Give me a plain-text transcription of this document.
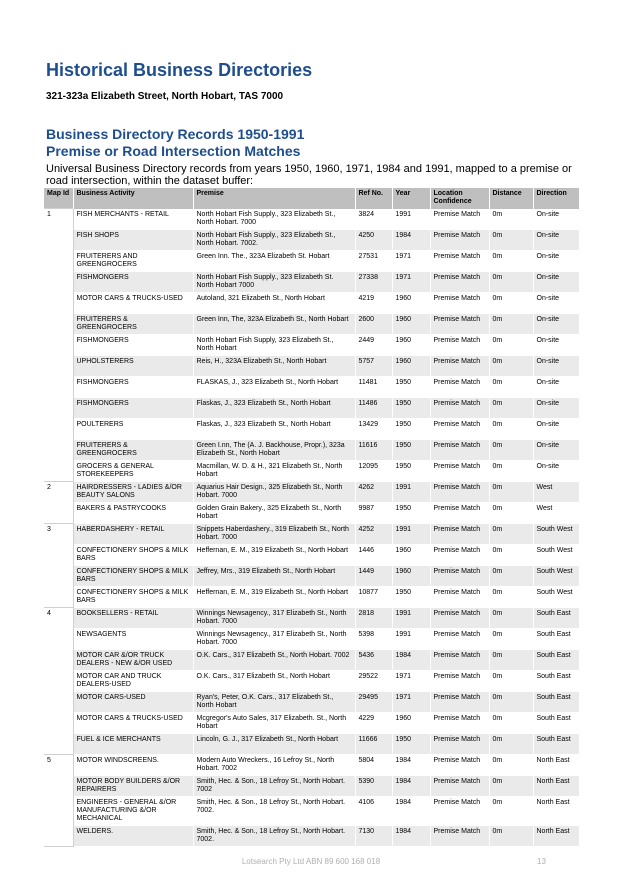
Historical Business Directories

321-323a Elizabeth Street, North Hobart, TAS 7000

Business Directory Records 1950-1991
Premise or Road Intersection Matches

Universal Business Directory records from years 1950, 1960, 1971, 1984 and 1991, mapped to a premise or road intersection, within the dataset buffer:

Map Id	Business Activity	Premise	Ref No.	Year	Location Confidence	Distance	Direction
1	FISH MERCHANTS - RETAIL	North Hobart Fish Supply., 323 Elizabeth St., North Hobart. 7000	3824	1991	Premise Match	0m	On-site
	FISH SHOPS	North Hobart Fish Supply., 323 Elizabeth St., North Hobart. 7002.	4250	1984	Premise Match	0m	On-site
	FRUITERERS AND GREENGROCERS	Green Inn. The., 323A Elizabeth St. Hobart	27531	1971	Premise Match	0m	On-site
	FISHMONGERS	North Hobart Fish Supply., 323 Elizabeth St. North Hobart 7000	27338	1971	Premise Match	0m	On-site
	MOTOR CARS & TRUCKS-USED	Autoland, 321 Elizabeth St., North Hobart	4219	1960	Premise Match	0m	On-site
	FRUITERERS & GREENGROCERS	Green Inn, The, 323A Elizabeth St., North Hobart	2600	1960	Premise Match	0m	On-site
	FISHMONGERS	North Hobart Fish Supply, 323 Elizabeth St., North Hobart	2449	1960	Premise Match	0m	On-site
	UPHOLSTERERS	Reis, H., 323A Elizabeth St., North Hobart	5757	1960	Premise Match	0m	On-site
	FISHMONGERS	FLASKAS, J., 323 Elizabeth St., North Hobart	11481	1950	Premise Match	0m	On-site
	FISHMONGERS	Flaskas, J., 323 Elizabeth St., North Hobart	11486	1950	Premise Match	0m	On-site
	POULTERERS	Flaskas, J., 323 Elizabeth St., North Hobart	13429	1950	Premise Match	0m	On-site
	FRUITERERS & GREENGROCERS	Green I.nn, The (A. J. Backhouse, Propr.), 323a Elizabeth St., North Hobart	11616	1950	Premise Match	0m	On-site
	GROCERS & GENERAL STOREKEEPERS	Macmillan, W. D. & H., 321 Elizabeth St., North Hobart	12095	1950	Premise Match	0m	On-site
2	HAIRDRESSERS - LADIES &/OR BEAUTY SALONS	Aquarius Hair Design., 325 Elizabeth St., North Hobart. 7000	4262	1991	Premise Match	0m	West
	BAKERS & PASTRYCOOKS	Golden Grain Bakery., 325 Elizabeth St., North Hobart	9987	1950	Premise Match	0m	West
3	HABERDASHERY - RETAIL	Snippets Haberdashery., 319 Elizabeth St., North Hobart. 7000	4252	1991	Premise Match	0m	South West
	CONFECTIONERY SHOPS & MILK BARS	Heffernan, E. M., 319 Elizabeth St., North Hobart	1446	1960	Premise Match	0m	South West
	CONFECTIONERY SHOPS & MILK BARS	Jeffrey, Mrs., 319 Elizabeth St., North Hobart	1449	1960	Premise Match	0m	South West
	CONFECTIONERY SHOPS & MILK BARS	Heffernan, E. M., 319 Elizabeth St., North Hobart	10877	1950	Premise Match	0m	South West
4	BOOKSELLERS - RETAIL	Winnings Newsagency., 317 Elizabeth St., North Hobart. 7000	2818	1991	Premise Match	0m	South East
	NEWSAGENTS	Winnings Newsagency., 317 Elizabeth St., North Hobart. 7000	5398	1991	Premise Match	0m	South East
	MOTOR CAR &/OR TRUCK DEALERS - NEW &/OR USED	O.K. Cars., 317 Elizabeth St., North Hobart. 7002	5436	1984	Premise Match	0m	South East
	MOTOR CAR AND TRUCK DEALERS-USED	O.K. Cars., 317 Elizabeth St., North Hobart	29522	1971	Premise Match	0m	South East
	MOTOR CARS-USED	Ryan's, Peter, O.K. Cars., 317 Elizabeth St., North Hobart	29495	1971	Premise Match	0m	South East
	MOTOR CARS & TRUCKS-USED	Mcgregor's Auto Sales, 317 Elizabeth. St., North Hobart	4229	1960	Premise Match	0m	South East
	FUEL & ICE MERCHANTS	Lincoln, G. J., 317 Elizabeth St., North Hobart	11666	1950	Premise Match	0m	South East
5	MOTOR WINDSCREENS.	Modern Auto Wreckers., 16 Lefroy St., North Hobart. 7002	5804	1984	Premise Match	0m	North East
	MOTOR BODY BUILDERS &/OR REPAIRERS	Smith, Hec. & Son., 18 Lefroy St., North Hobart. 7002	5390	1984	Premise Match	0m	North East
	ENGINEERS - GENERAL &/OR MANUFACTURING &/OR MECHANICAL	Smith, Hec. & Son., 18 Lefroy St., North Hobart. 7002.	4106	1984	Premise Match	0m	North East
	WELDERS.	Smith, Hec. & Son., 18 Lefroy St., North Hobart. 7002.	7130	1984	Premise Match	0m	North East
Lotsearch Pty Ltd ABN 89 600 168 018	13
